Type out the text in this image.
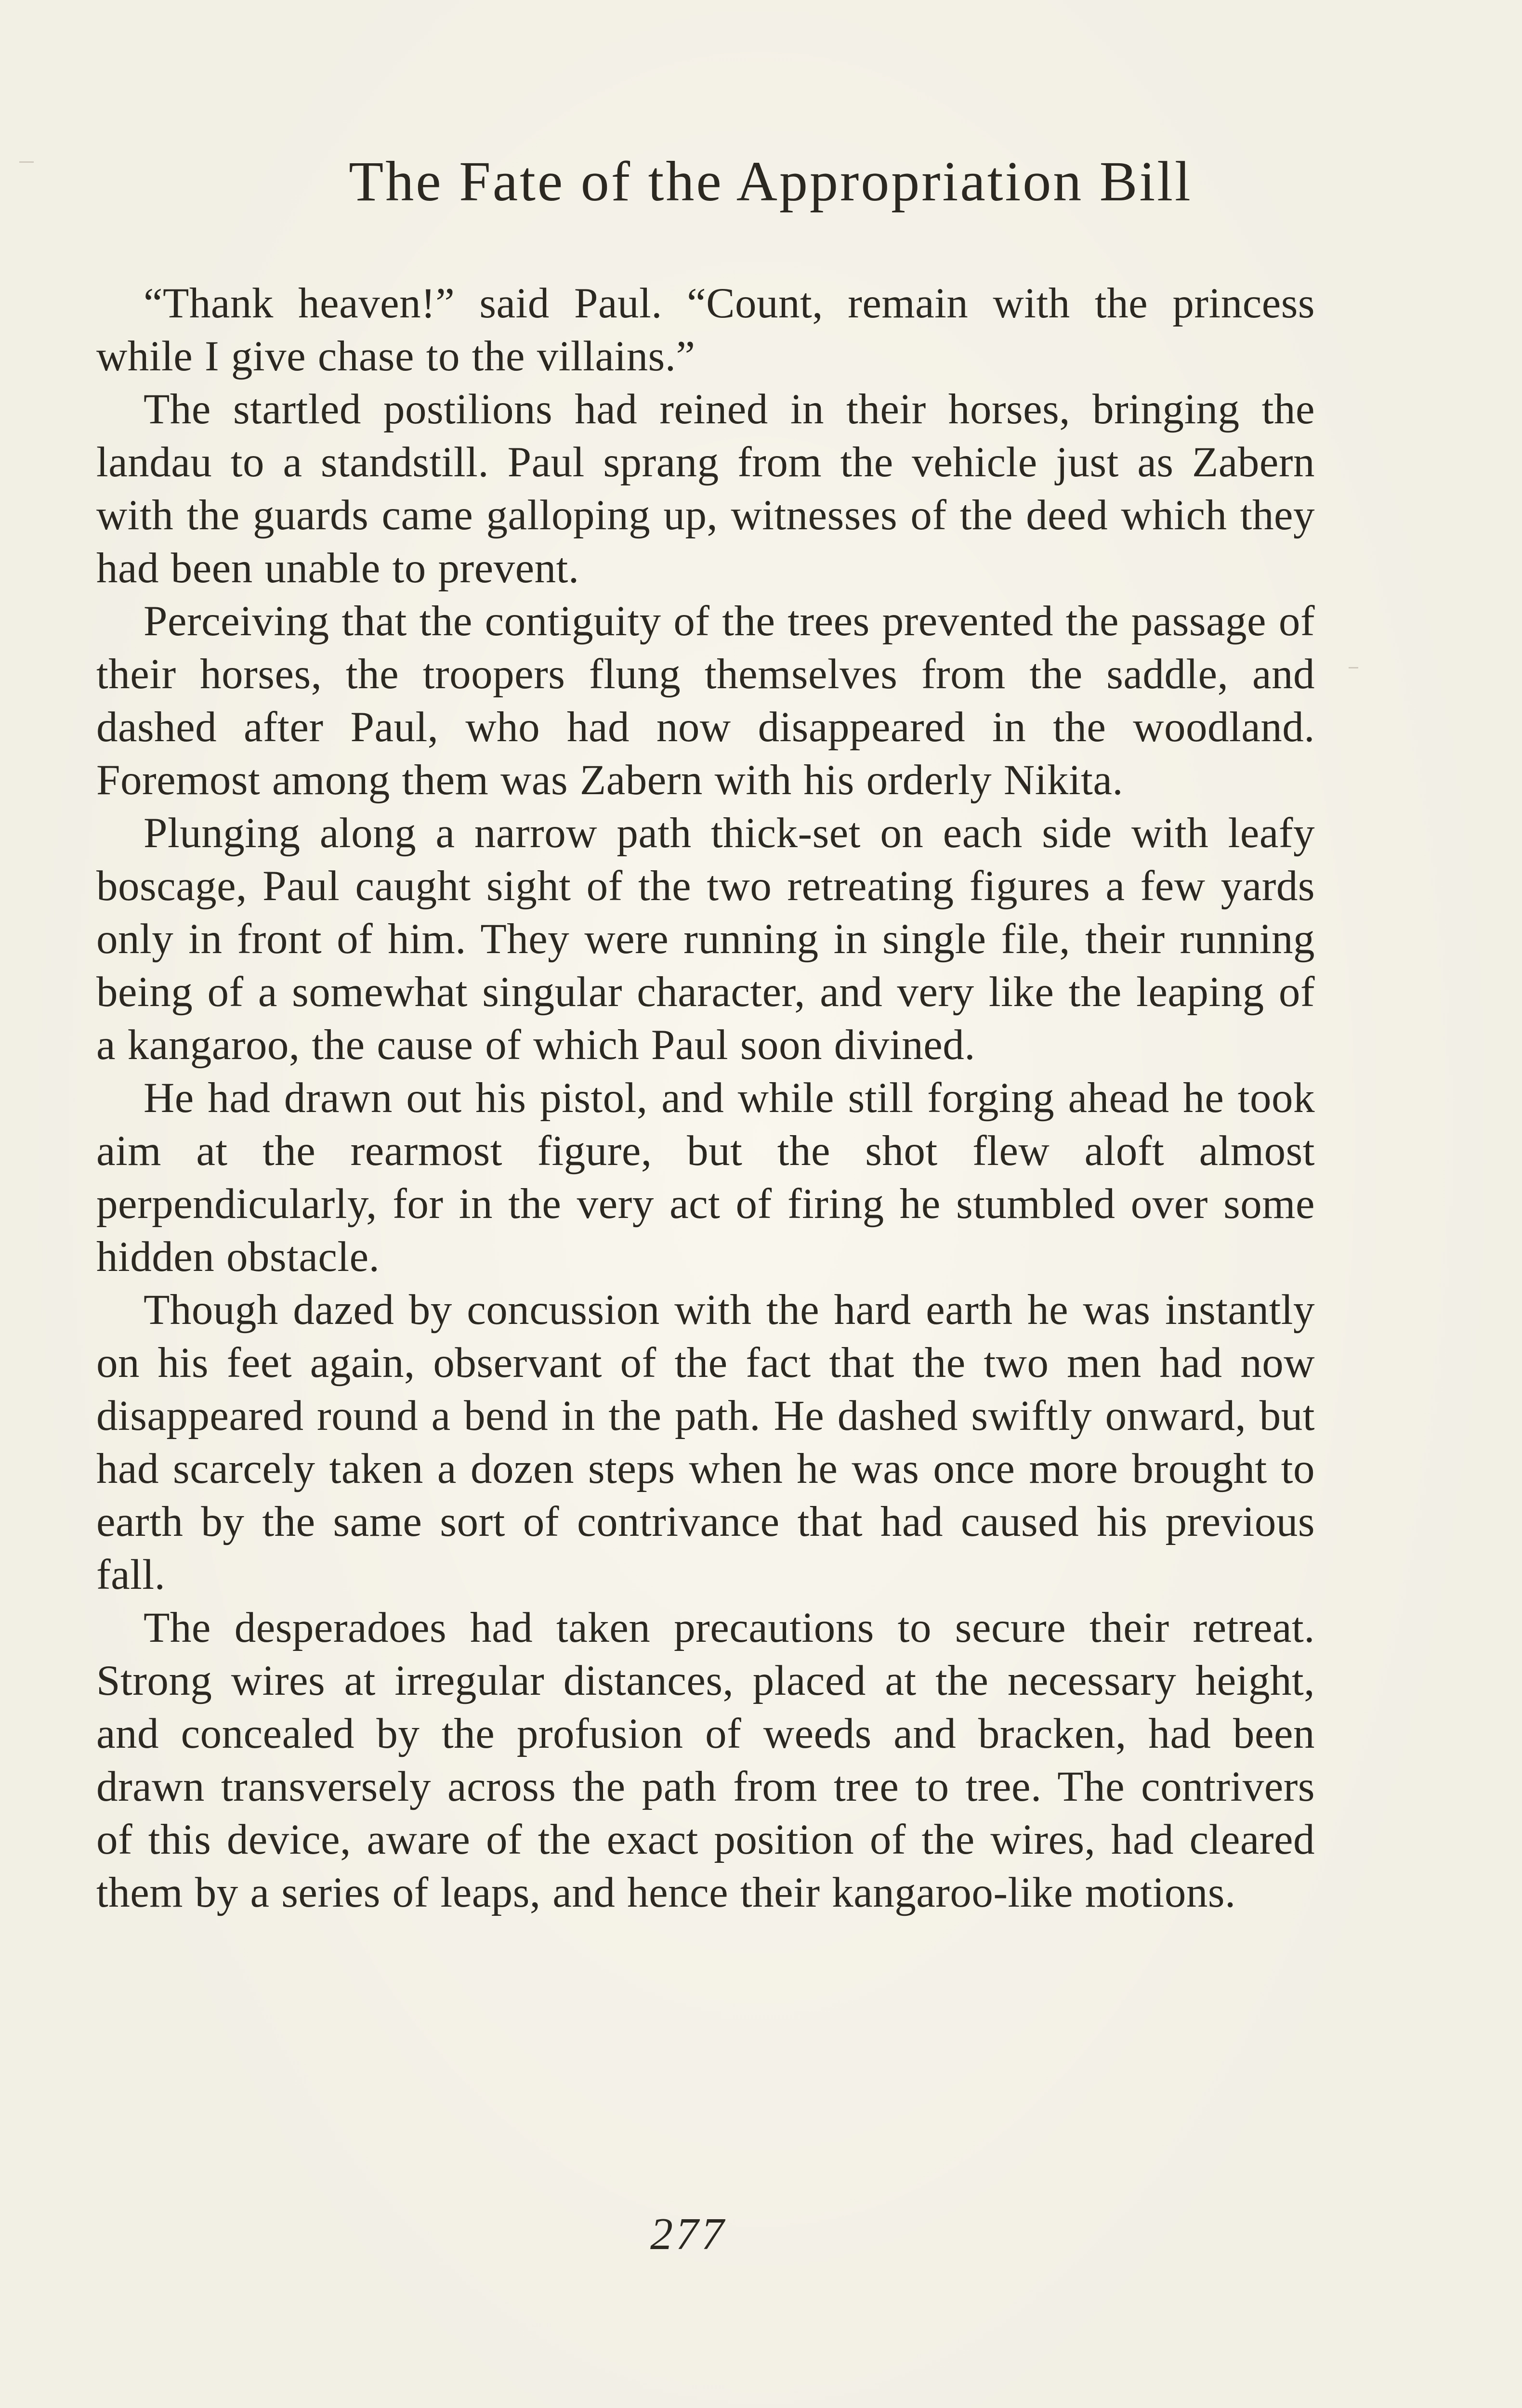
The Fate of the Appropriation Bill

“Thank heaven!” said Paul. “Count, remain with the princess while I give chase to the villains.”

The startled postilions had reined in their horses, bringing the landau to a standstill. Paul sprang from the vehicle just as Zabern with the guards came galloping up, witnesses of the deed which they had been unable to prevent.

Perceiving that the contiguity of the trees prevented the passage of their horses, the troopers flung themselves from the saddle, and dashed after Paul, who had now disappeared in the woodland. Foremost among them was Zabern with his orderly Nikita.

Plunging along a narrow path thick-set on each side with leafy boscage, Paul caught sight of the two retreating figures a few yards only in front of him. They were running in single file, their running being of a somewhat singular character, and very like the leaping of a kangaroo, the cause of which Paul soon divined.

He had drawn out his pistol, and while still forging ahead he took aim at the rearmost figure, but the shot flew aloft almost perpendicularly, for in the very act of firing he stumbled over some hidden obstacle.

Though dazed by concussion with the hard earth he was instantly on his feet again, observant of the fact that the two men had now disappeared round a bend in the path. He dashed swiftly onward, but had scarcely taken a dozen steps when he was once more brought to earth by the same sort of contrivance that had caused his previous fall.

The desperadoes had taken precautions to secure their retreat. Strong wires at irregular distances, placed at the necessary height, and concealed by the profusion of weeds and bracken, had been drawn transversely across the path from tree to tree. The contrivers of this device, aware of the exact position of the wires, had cleared them by a series of leaps, and hence their kangaroo-like motions.

277
